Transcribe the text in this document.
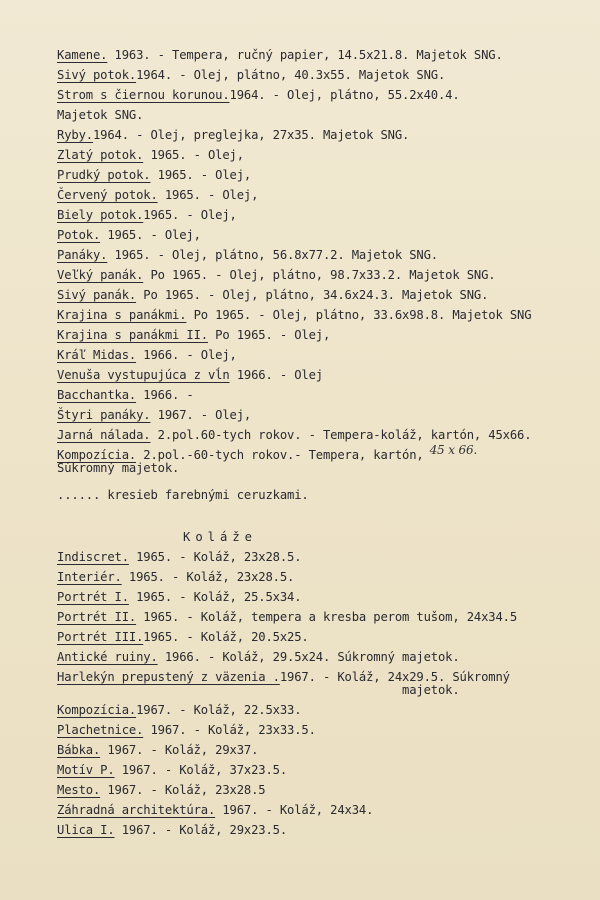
Kamene. 1963. - Tempera, ručný papier, 14.5x21.8. Majetok SNG.
Sivý potok.1964. - Olej, plátno, 40.3x55. Majetok SNG.
Strom s čiernou korunou.1964. - Olej, plátno, 55.2x40.4.
Majetok SNG.
Ryby.1964. - Olej, preglejka, 27x35. Majetok SNG.
Zlatý potok. 1965. - Olej,
Prudký potok. 1965. - Olej,
Červený potok. 1965. - Olej,
Biely potok.1965. - Olej,
Potok. 1965. - Olej,
Panáky. 1965. - Olej, plátno, 56.8x77.2. Majetok SNG.
Veľký panák. Po 1965. - Olej, plátno, 98.7x33.2. Majetok SNG.
Sivý panák. Po 1965. - Olej, plátno, 34.6x24.3. Majetok SNG.
Krajina s panákmi. Po 1965. - Olej, plátno, 33.6x98.8. Majetok SNG
Krajina s panákmi II. Po 1965. - Olej,
Kráľ Midas. 1966. - Olej,
Venuša vystupujúca z vĺn 1966. - Olej
Bacchantka. 1966. -
Štyri panáky. 1967. - Olej,
Jarná nálada. 2.pol.60-tych rokov. - Tempera-koláž, kartón, 45x66.
Kompozícia. 2.pol.-60-tych rokov.- Tempera, kartón, 45 x 66.
Súkromný majetok.
...... kresieb farebnými ceruzkami.
Koláže
Indiscret. 1965. - Koláž, 23x28.5.
Interiér. 1965. - Koláž, 23x28.5.
Portrét I. 1965. - Koláž, 25.5x34.
Portrét II. 1965. - Koláž, tempera a kresba perom tušom, 24x34.5
Portrét III.1965. - Koláž, 20.5x25.
Antické ruiny. 1966. - Koláž, 29.5x24. Súkromný majetok.
Harlekýn prepustený z väzenia .1967. - Koláž, 24x29.5. Súkromný
majetok.
Kompozícia.1967. - Koláž, 22.5x33.
Plachetnice. 1967. - Koláž, 23x33.5.
Bábka. 1967. - Koláž, 29x37.
Motív P. 1967. - Koláž, 37x23.5.
Mesto. 1967. - Koláž, 23x28.5
Záhradná architektúra. 1967. - Koláž, 24x34.
Ulica I. 1967. - Koláž, 29x23.5.
